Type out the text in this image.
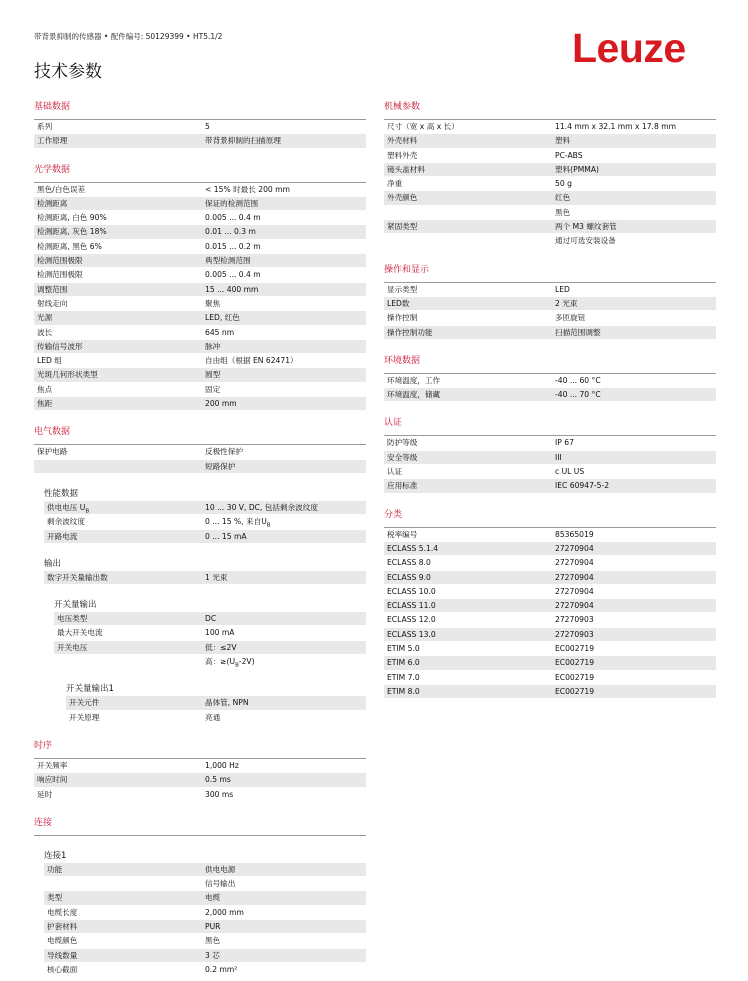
带背景抑制的传感器 • 配件编号: 50129399 • HT5.1/2
技术参数
Leuze
基础数据
系列	5
工作原理	带背景抑制的扫描原理
光学数据
黑色/白色误差	< 15% 时最长 200 mm
检测距离	保证的检测范围
检测距离, 白色 90%	0.005 ... 0.4 m
检测距离, 灰色 18%	0.01 ... 0.3 m
检测距离, 黑色 6%	0.015 ... 0.2 m
检测范围极限	典型检测范围
检测范围极限	0.005 ... 0.4 m
调整范围	15 ... 400 mm
射线走向	聚焦
光源	LED, 红色
波长	645 nm
传输信号波形	脉冲
LED 组	自由组（根据 EN 62471）
光斑几何形状类型	圆型
焦点	固定
焦距	200 mm
电气数据
保护电路	反极性保护
短路保护
性能数据
供电电压 $U_B$	10 ... 30 V, DC, 包括剩余波纹度
剩余波纹度	0 ... 15 %, 来自$U_B$
开路电流	0 ... 15 mA
输出
数字开关量输出数	1 光束
开关量输出
电压类型	DC
最大开关电流	100 mA
开关电压	低：≤2V
高：$\ge(U_B-2V)$
开关量输出1
开关元件	晶体管, NPN
开关原理	亮通
时序
开关频率	1,000 Hz
响应时间	0.5 ms
延时	300 ms
连接
连接1
功能	供电电源
信号输出
类型	电缆
电缆长度	2,000 mm
护套材料	PUR
电缆颜色	黑色
导线数量	3 芯
核心截面	0.2 mm²
机械参数
尺寸（宽 x 高 x 长）	11.4 mm x 32.1 mm x 17.8 mm
外壳材料	塑料
塑料外壳	PC-ABS
镜头盖材料	塑料(PMMA)
净重	50 g
外壳颜色	红色
黑色
紧固类型	两个 M3 螺纹套管
通过可选安装设备
操作和显示
显示类型	LED
LED数	2 光束
操作控制	多匝旋钮
操作控制功能	扫描范围调整
环境数据
环境温度，工作	-40 ... 60 °C
环境温度，储藏	-40 ... 70 °C
认证
防护等级	IP 67
安全等级	III
认证	c UL US
应用标准	IEC 60947-5-2
分类
税率编号	85365019
ECLASS 5.1.4	27270904
ECLASS 8.0	27270904
ECLASS 9.0	27270904
ECLASS 10.0	27270904
ECLASS 11.0	27270904
ECLASS 12.0	27270903
ECLASS 13.0	27270903
ETIM 5.0	EC002719
ETIM 6.0	EC002719
ETIM 7.0	EC002719
ETIM 8.0	EC002719
